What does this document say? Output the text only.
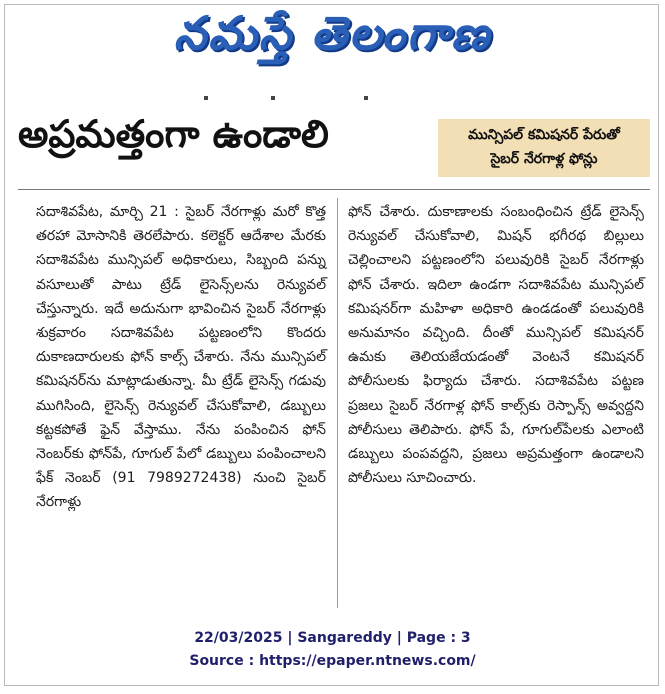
నమస్తే తెలంగాణ
అప్రమత్తంగా ఉండాలి	మున్సిపల్ కమిషనర్ పేరుతో
సైబర్ నేరగాళ్ల ఫోన్లు

సదాశివపేట, మార్చి 21 : సైబర్ నేరగాళ్లు మరో కొత్త తరహా మోసానికి తెరలేపారు. కలెక్టర్ ఆదేశాల మేరకు సదాశివపేట మున్సిపల్ అధికారులు, సిబ్బంది పన్ను వసూలుతో పాటు ట్రేడ్ లైసెన్స్‌లను రెన్యువల్ చేస్తున్నారు. ఇదే అదునుగా భావించిన సైబర్ నేరగాళ్లు శుక్రవారం సదాశివపేట పట్టణంలోని కొందరు దుకాణదారులకు ఫోన్ కాల్స్ చేశారు. నేను మున్సిపల్ కమిషనర్‌ను మాట్లాడుతున్నా. మీ ట్రేడ్ లైసెన్స్ గడువు ముగిసింది, లైసెన్స్ రెన్యువల్ చేసుకోవాలి, డబ్బులు కట్టకపోతే ఫైన్ వేస్తాము. నేను పంపించిన ఫోన్ నెంబర్‌కు ఫోన్‌పే, గూగుల్ పేలో డబ్బులు పంపించాలని ఫేక్ నెంబర్ (91 7989272438) నుంచి సైబర్ నేరగాళ్లు

ఫోన్ చేశారు. దుకాణాలకు సంబంధించిన ట్రేడ్ లైసెన్స్ రెన్యువల్ చేసుకోవాలి, మిషన్ భగీరథ బిల్లులు చెల్లించాలని పట్టణంలోని పలువురికి సైబర్ నేరగాళ్లు ఫోన్ చేశారు. ఇదిలా ఉండగా సదాశివపేట మున్సిపల్ కమిషనర్‌గా మహిళా అధికారి ఉండడంతో పలువురికి అనుమానం వచ్చింది. దీంతో మున్సిపల్ కమిషనర్ ఉమకు తెలియజేయడంతో వెంటనే కమిషనర్ పోలీసులకు ఫిర్యాదు చేశారు. సదాశివపేట పట్టణ ప్రజలు సైబర్ నేరగాళ్ల ఫోన్ కాల్స్‌కు రెస్పాన్స్ అవ్వద్దని పోలీసులు తెలిపారు. ఫోన్ పే, గూగుల్‌పేలకు ఎలాంటి డబ్బులు పంపవద్దని, ప్రజలు అప్రమత్తంగా ఉండాలని పోలీసులు సూచించారు.

22/03/2025 | Sangareddy | Page : 3
Source : https://epaper.ntnews.com/
